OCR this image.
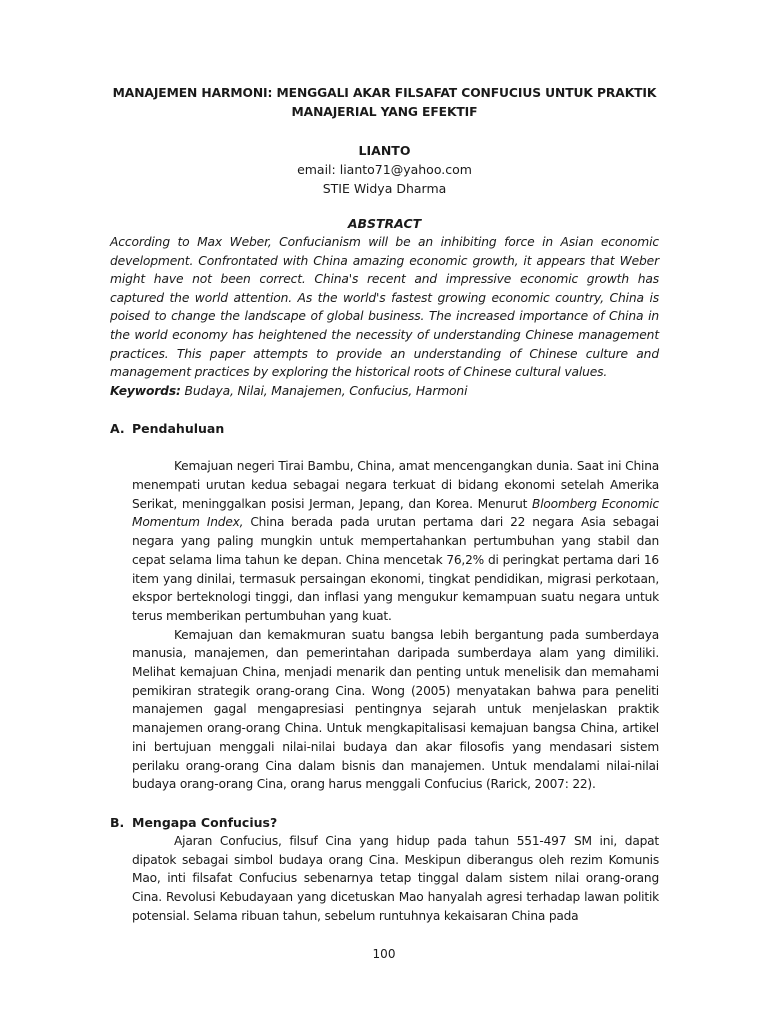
MANAJEMEN HARMONI: MENGGALI AKAR FILSAFAT CONFUCIUS UNTUK PRAKTIK
MANAJERIAL YANG EFEKTIF
LIANTO
email: lianto71@yahoo.com
STIE Widya Dharma
ABSTRACT

According to Max Weber, Confucianism will be an inhibiting force in Asian economic development. Confrontated with China amazing economic growth, it appears that Weber might have not been correct. China's recent and impressive economic growth has captured the world attention. As the world's fastest growing economic country, China is poised to change the landscape of global business. The increased importance of China in the world economy has heightened the necessity of understanding Chinese management practices. This paper attempts to provide an understanding of Chinese culture and management practices by exploring the historical roots of Chinese cultural values.

Keywords: Budaya, Nilai, Manajemen, Confucius, Harmoni

A. Pendahuluan

Kemajuan negeri Tirai Bambu, China, amat mencengangkan dunia. Saat ini China menempati urutan kedua sebagai negara terkuat di bidang ekonomi setelah Amerika Serikat, meninggalkan posisi Jerman, Jepang, dan Korea. Menurut Bloomberg Economic Momentum Index, China berada pada urutan pertama dari 22 negara Asia sebagai negara yang paling mungkin untuk mempertahankan pertumbuhan yang stabil dan cepat selama lima tahun ke depan. China mencetak 76,2% di peringkat pertama dari 16 item yang dinilai, termasuk persaingan ekonomi, tingkat pendidikan, migrasi perkotaan, ekspor berteknologi tinggi, dan inflasi yang mengukur kemampuan suatu negara untuk terus memberikan pertumbuhan yang kuat.

Kemajuan dan kemakmuran suatu bangsa lebih bergantung pada sumberdaya manusia, manajemen, dan pemerintahan daripada sumberdaya alam yang dimiliki. Melihat kemajuan China, menjadi menarik dan penting untuk menelisik dan memahami pemikiran strategik orang-orang Cina. Wong (2005) menyatakan bahwa para peneliti manajemen gagal mengapresiasi pentingnya sejarah untuk menjelaskan praktik manajemen orang-orang China. Untuk mengkapitalisasi kemajuan bangsa China, artikel ini bertujuan menggali nilai-nilai budaya dan akar filosofis yang mendasari sistem perilaku orang-orang Cina dalam bisnis dan manajemen. Untuk mendalami nilai-nilai budaya orang-orang Cina, orang harus menggali Confucius (Rarick, 2007: 22).

B. Mengapa Confucius?

Ajaran Confucius, filsuf Cina yang hidup pada tahun 551-497 SM ini, dapat dipatok sebagai simbol budaya orang Cina. Meskipun diberangus oleh rezim Komunis Mao, inti filsafat Confucius sebenarnya tetap tinggal dalam sistem nilai orang-orang Cina. Revolusi Kebudayaan yang dicetuskan Mao hanyalah agresi terhadap lawan politik potensial. Selama ribuan tahun, sebelum runtuhnya kekaisaran China pada

100
